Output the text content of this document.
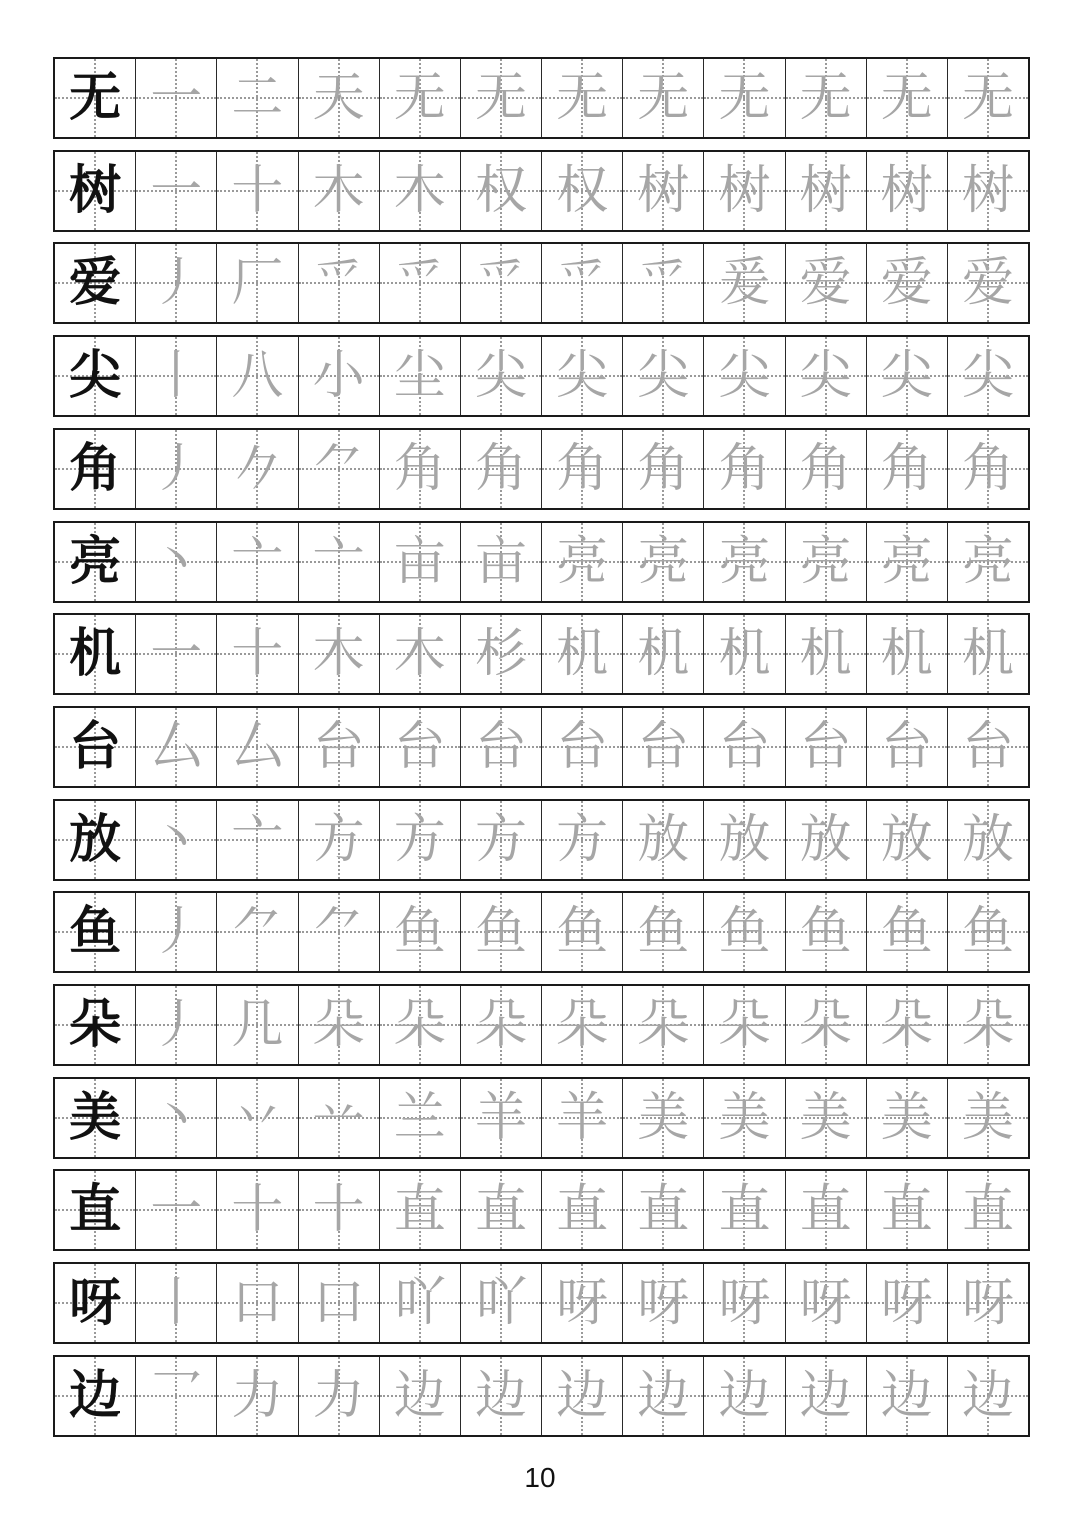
无 一 二 天 无 无 无 无 无 无 无 无
树 一 十 木 木 权 权 树 树 树 树 树
爱 丿 厂 爫 爫 爫 爫 爫 爰 爱 爱 爱
尖 丨 八 小 尘 尖 尖 尖 尖 尖 尖 尖
角 丿 𠂊 ⺈ 角 角 角 角 角 角 角 角
亮 丶 亠 亠 亩 亩 亮 亮 亮 亮 亮 亮
机 一 十 木 木 杉 机 机 机 机 机 机
台 厶 厶 台 台 台 台 台 台 台 台 台
放 丶 亠 方 方 方 方 放 放 放 放 放
鱼 丿 ⺈ ⺈ 鱼 鱼 鱼 鱼 鱼 鱼 鱼 鱼
朵 丿 几 朵 朵 朵 朵 朵 朵 朵 朵 朵
美 丶 丷 䒑 兰 羊 羊 美 美 美 美 美
直 一 十 十 直 直 直 直 直 直 直 直
呀 丨 口 口 吖 吖 呀 呀 呀 呀 呀 呀
边 乛 力 力 边 边 边 边 边 边 边 边
10
